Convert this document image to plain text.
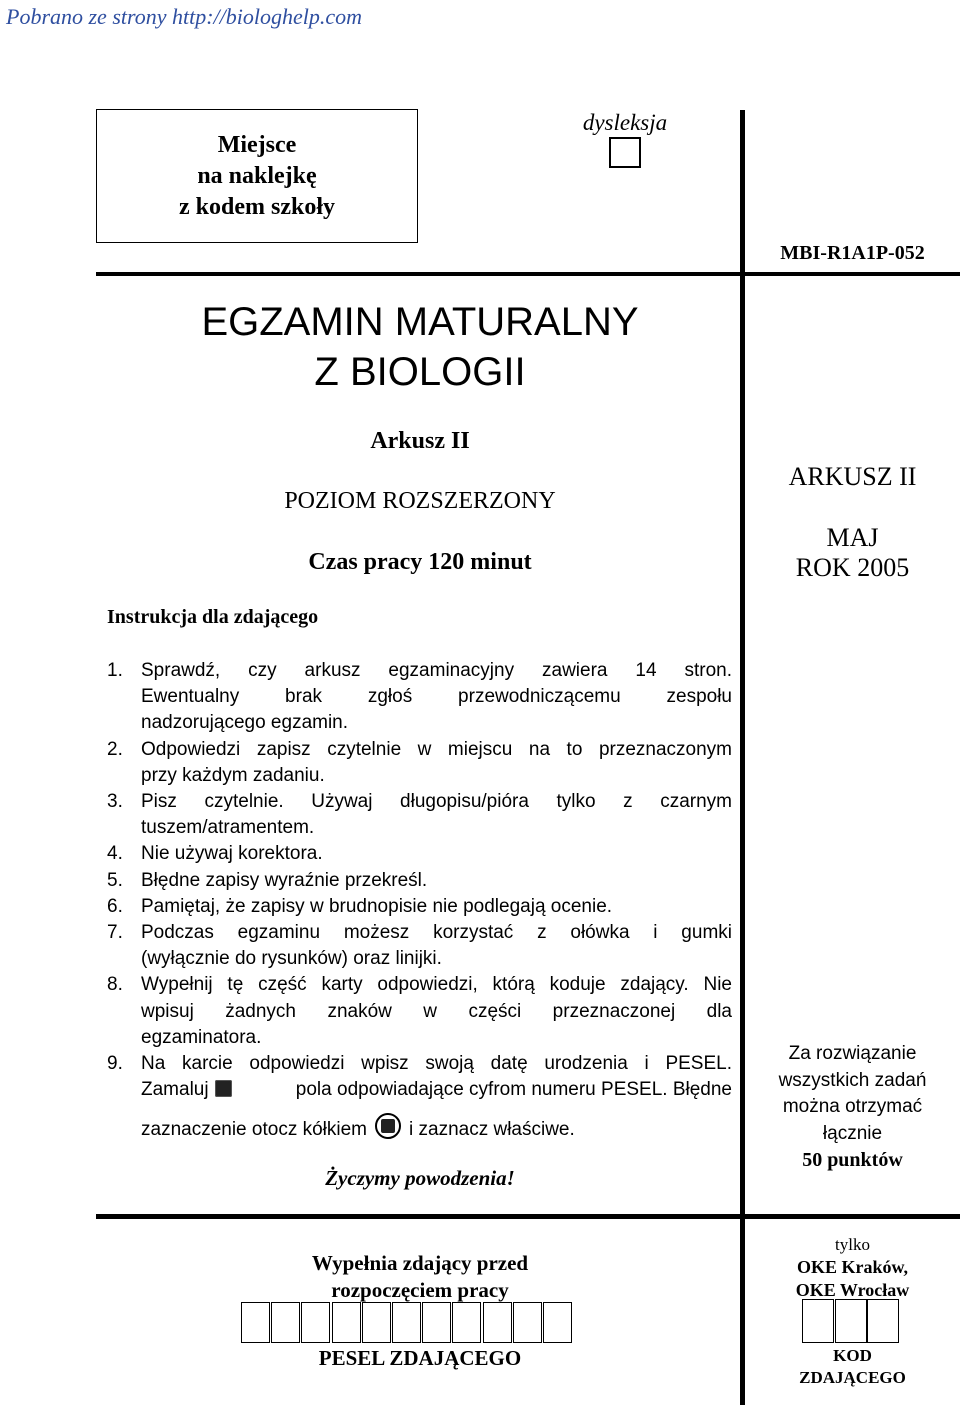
Pobrano ze strony http://biologhelp.com
Miejsce
na naklejkę
z kodem szkoły
dysleksja
MBI-R1A1P-052
EGZAMIN MATURALNY
Z BIOLOGII
Arkusz II
POZIOM ROZSZERZONY
Czas pracy 120 minut
ARKUSZ II
MAJ
ROK 2005
Instrukcja dla zdającego
1. Sprawdź, czy arkusz egzaminacyjny zawiera 14 stron.
Ewentualny brak zgłoś przewodniczącemu zespołu
nadzorującego egzamin.
2. Odpowiedzi zapisz czytelnie w miejscu na to przeznaczonym
przy każdym zadaniu.
3. Pisz czytelnie. Używaj długopisu/pióra tylko z czarnym
tuszem/atramentem.
4. Nie używaj korektora.
5. Błędne zapisy wyraźnie przekreśl.
6. Pamiętaj, że zapisy w brudnopisie nie podlegają ocenie.
7. Podczas egzaminu możesz korzystać z ołówka i gumki
(wyłącznie do rysunków) oraz linijki.
8. Wypełnij tę część karty odpowiedzi, którą koduje zdający. Nie
wpisuj żadnych znaków w części przeznaczonej dla
egzaminatora.
9. Na karcie odpowiedzi wpisz swoją datę urodzenia i PESEL.
Zamaluj	pola odpowiadające cyfrom numeru PESEL. Błędne
zaznaczenie otocz kółkiem i zaznacz właściwe.
Życzymy powodzenia!
Za rozwiązanie
wszystkich zadań
można otrzymać
łącznie
50 punktów
Wypełnia zdający przed
rozpoczęciem pracy
PESEL ZDAJĄCEGO
tylko
OKE Kraków,
OKE Wrocław
KOD
ZDAJĄCEGO
